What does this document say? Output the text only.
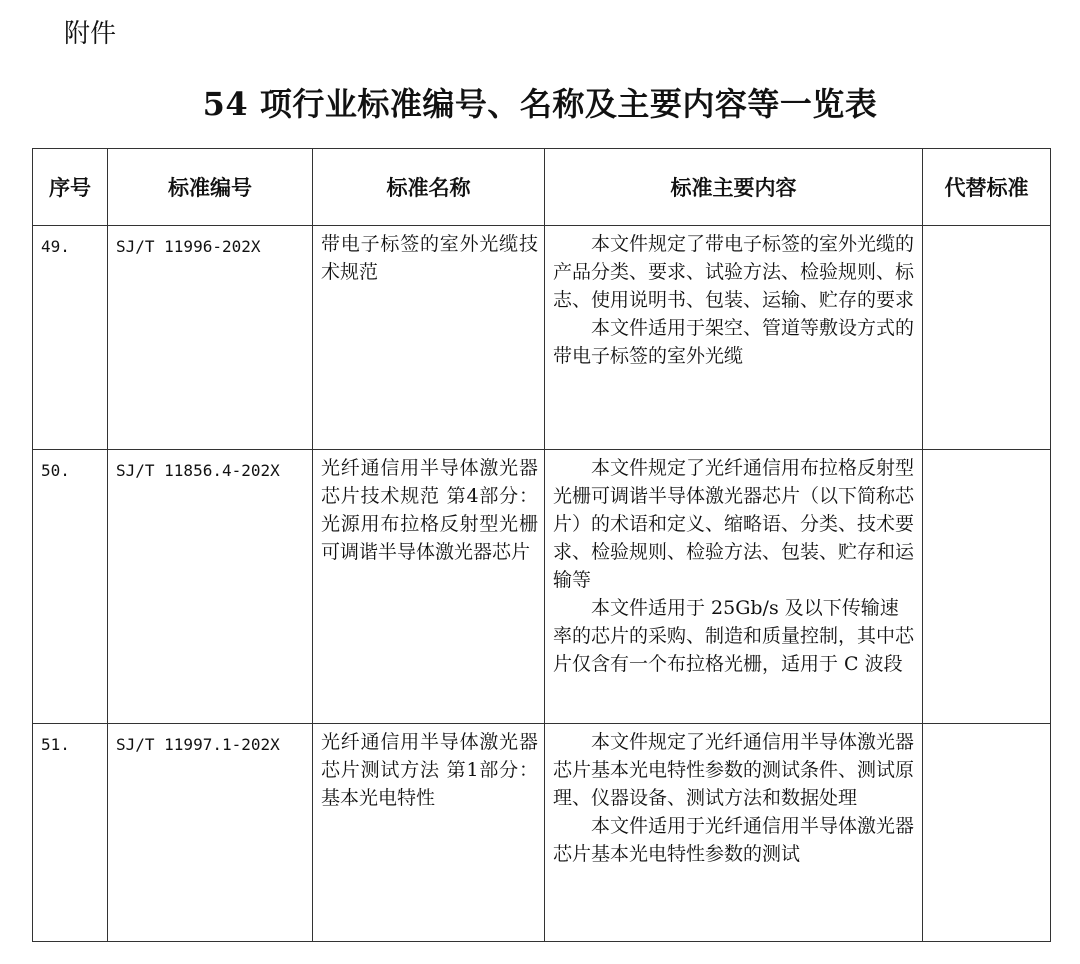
附件
54 项行业标准编号、名称及主要内容等一览表
序号	标准编号	标准名称	标准主要内容	代替标准

49.	SJ/T 11996-202X	带电子标签的室外光缆技术规范	本文件规定了带电子标签的室外光缆的产品分类、要求、试验方法、检验规则、标志、使用说明书、包装、运输、贮存的要求

本文件适用于架空、管道等敷设方式的带电子标签的室外光缆	

50.	SJ/T 11856.4-202X	光纤通信用半导体激光器芯片技术规范 第4部分：光源用布拉格反射型光栅可调谐半导体激光器芯片	本文件规定了光纤通信用布拉格反射型光栅可调谐半导体激光器芯片（以下简称芯片）的术语和定义、缩略语、分类、技术要求、检验规则、检验方法、包装、贮存和运输等

本文件适用于 25Gb/s 及以下传输速率的芯片的采购、制造和质量控制，其中芯片仅含有一个布拉格光栅，适用于 C 波段	

51.	SJ/T 11997.1-202X	光纤通信用半导体激光器芯片测试方法 第1部分：基本光电特性	本文件规定了光纤通信用半导体激光器芯片基本光电特性参数的测试条件、测试原理、仪器设备、测试方法和数据处理

本文件适用于光纤通信用半导体激光器芯片基本光电特性参数的测试	
